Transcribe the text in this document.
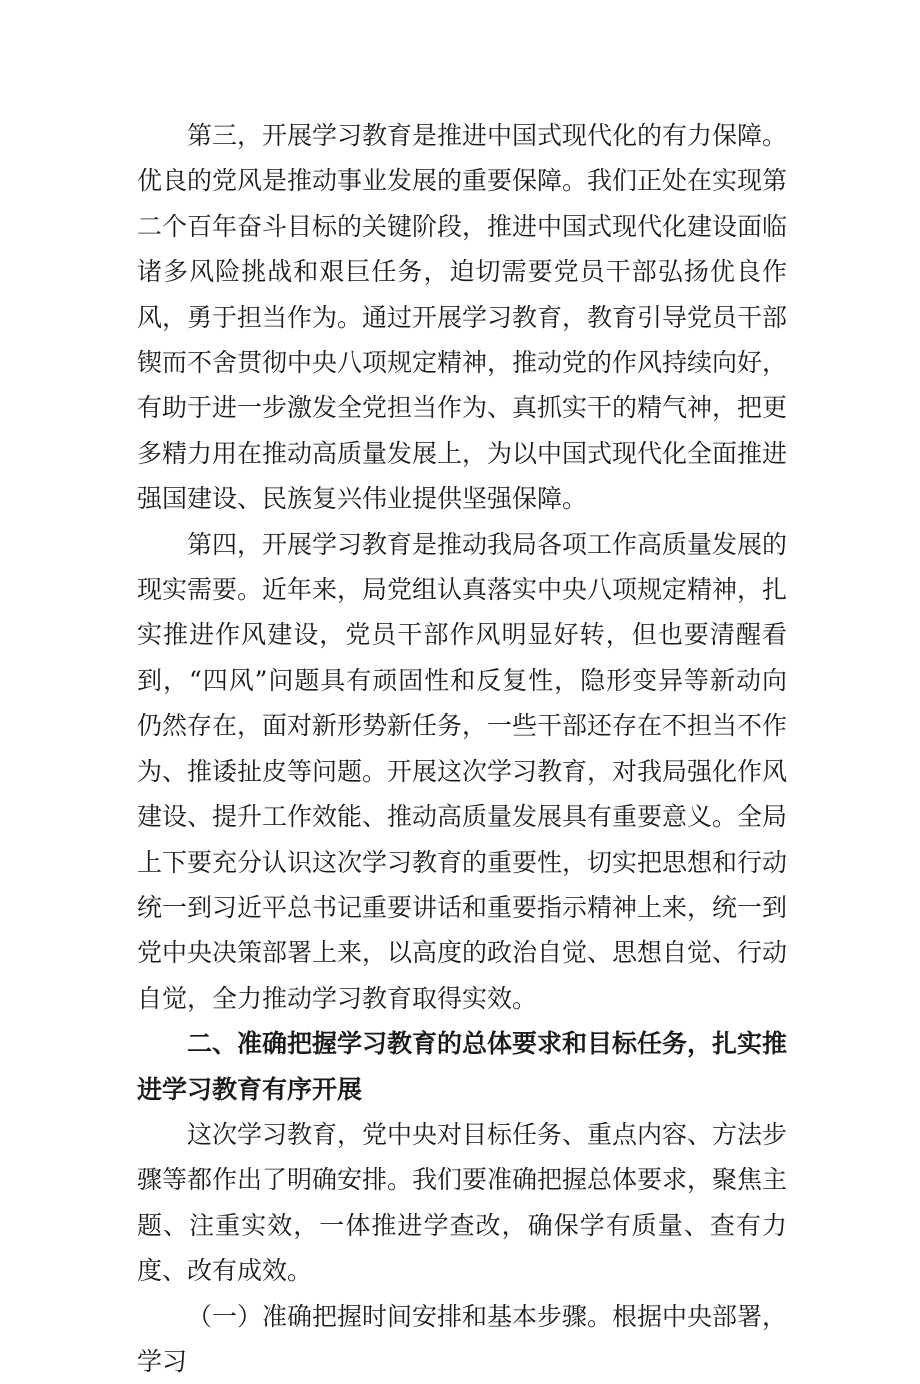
第三，开展学习教育是推进中国式现代化的有力保障。优良的党风是推动事业发展的重要保障。我们正处在实现第二个百年奋斗目标的关键阶段，推进中国式现代化建设面临诸多风险挑战和艰巨任务，迫切需要党员干部弘扬优良作风，勇于担当作为。通过开展学习教育，教育引导党员干部锲而不舍贯彻中央八项规定精神，推动党的作风持续向好，有助于进一步激发全党担当作为、真抓实干的精气神，把更多精力用在推动高质量发展上，为以中国式现代化全面推进强国建设、民族复兴伟业提供坚强保障。

第四，开展学习教育是推动我局各项工作高质量发展的现实需要。近年来，局党组认真落实中央八项规定精神，扎实推进作风建设，党员干部作风明显好转，但也要清醒看到，“四风”问题具有顽固性和反复性，隐形变异等新动向仍然存在，面对新形势新任务，一些干部还存在不担当不作为、推诿扯皮等问题。开展这次学习教育，对我局强化作风建设、提升工作效能、推动高质量发展具有重要意义。全局上下要充分认识这次学习教育的重要性，切实把思想和行动统一到习近平总书记重要讲话和重要指示精神上来，统一到党中央决策部署上来，以高度的政治自觉、思想自觉、行动自觉，全力推动学习教育取得实效。

二、准确把握学习教育的总体要求和目标任务，扎实推进学习教育有序开展

这次学习教育，党中央对目标任务、重点内容、方法步骤等都作出了明确安排。我们要准确把握总体要求，聚焦主题、注重实效，一体推进学查改，确保学有质量、查有力度、改有成效。

（一）准确把握时间安排和基本步骤。根据中央部署，学习
